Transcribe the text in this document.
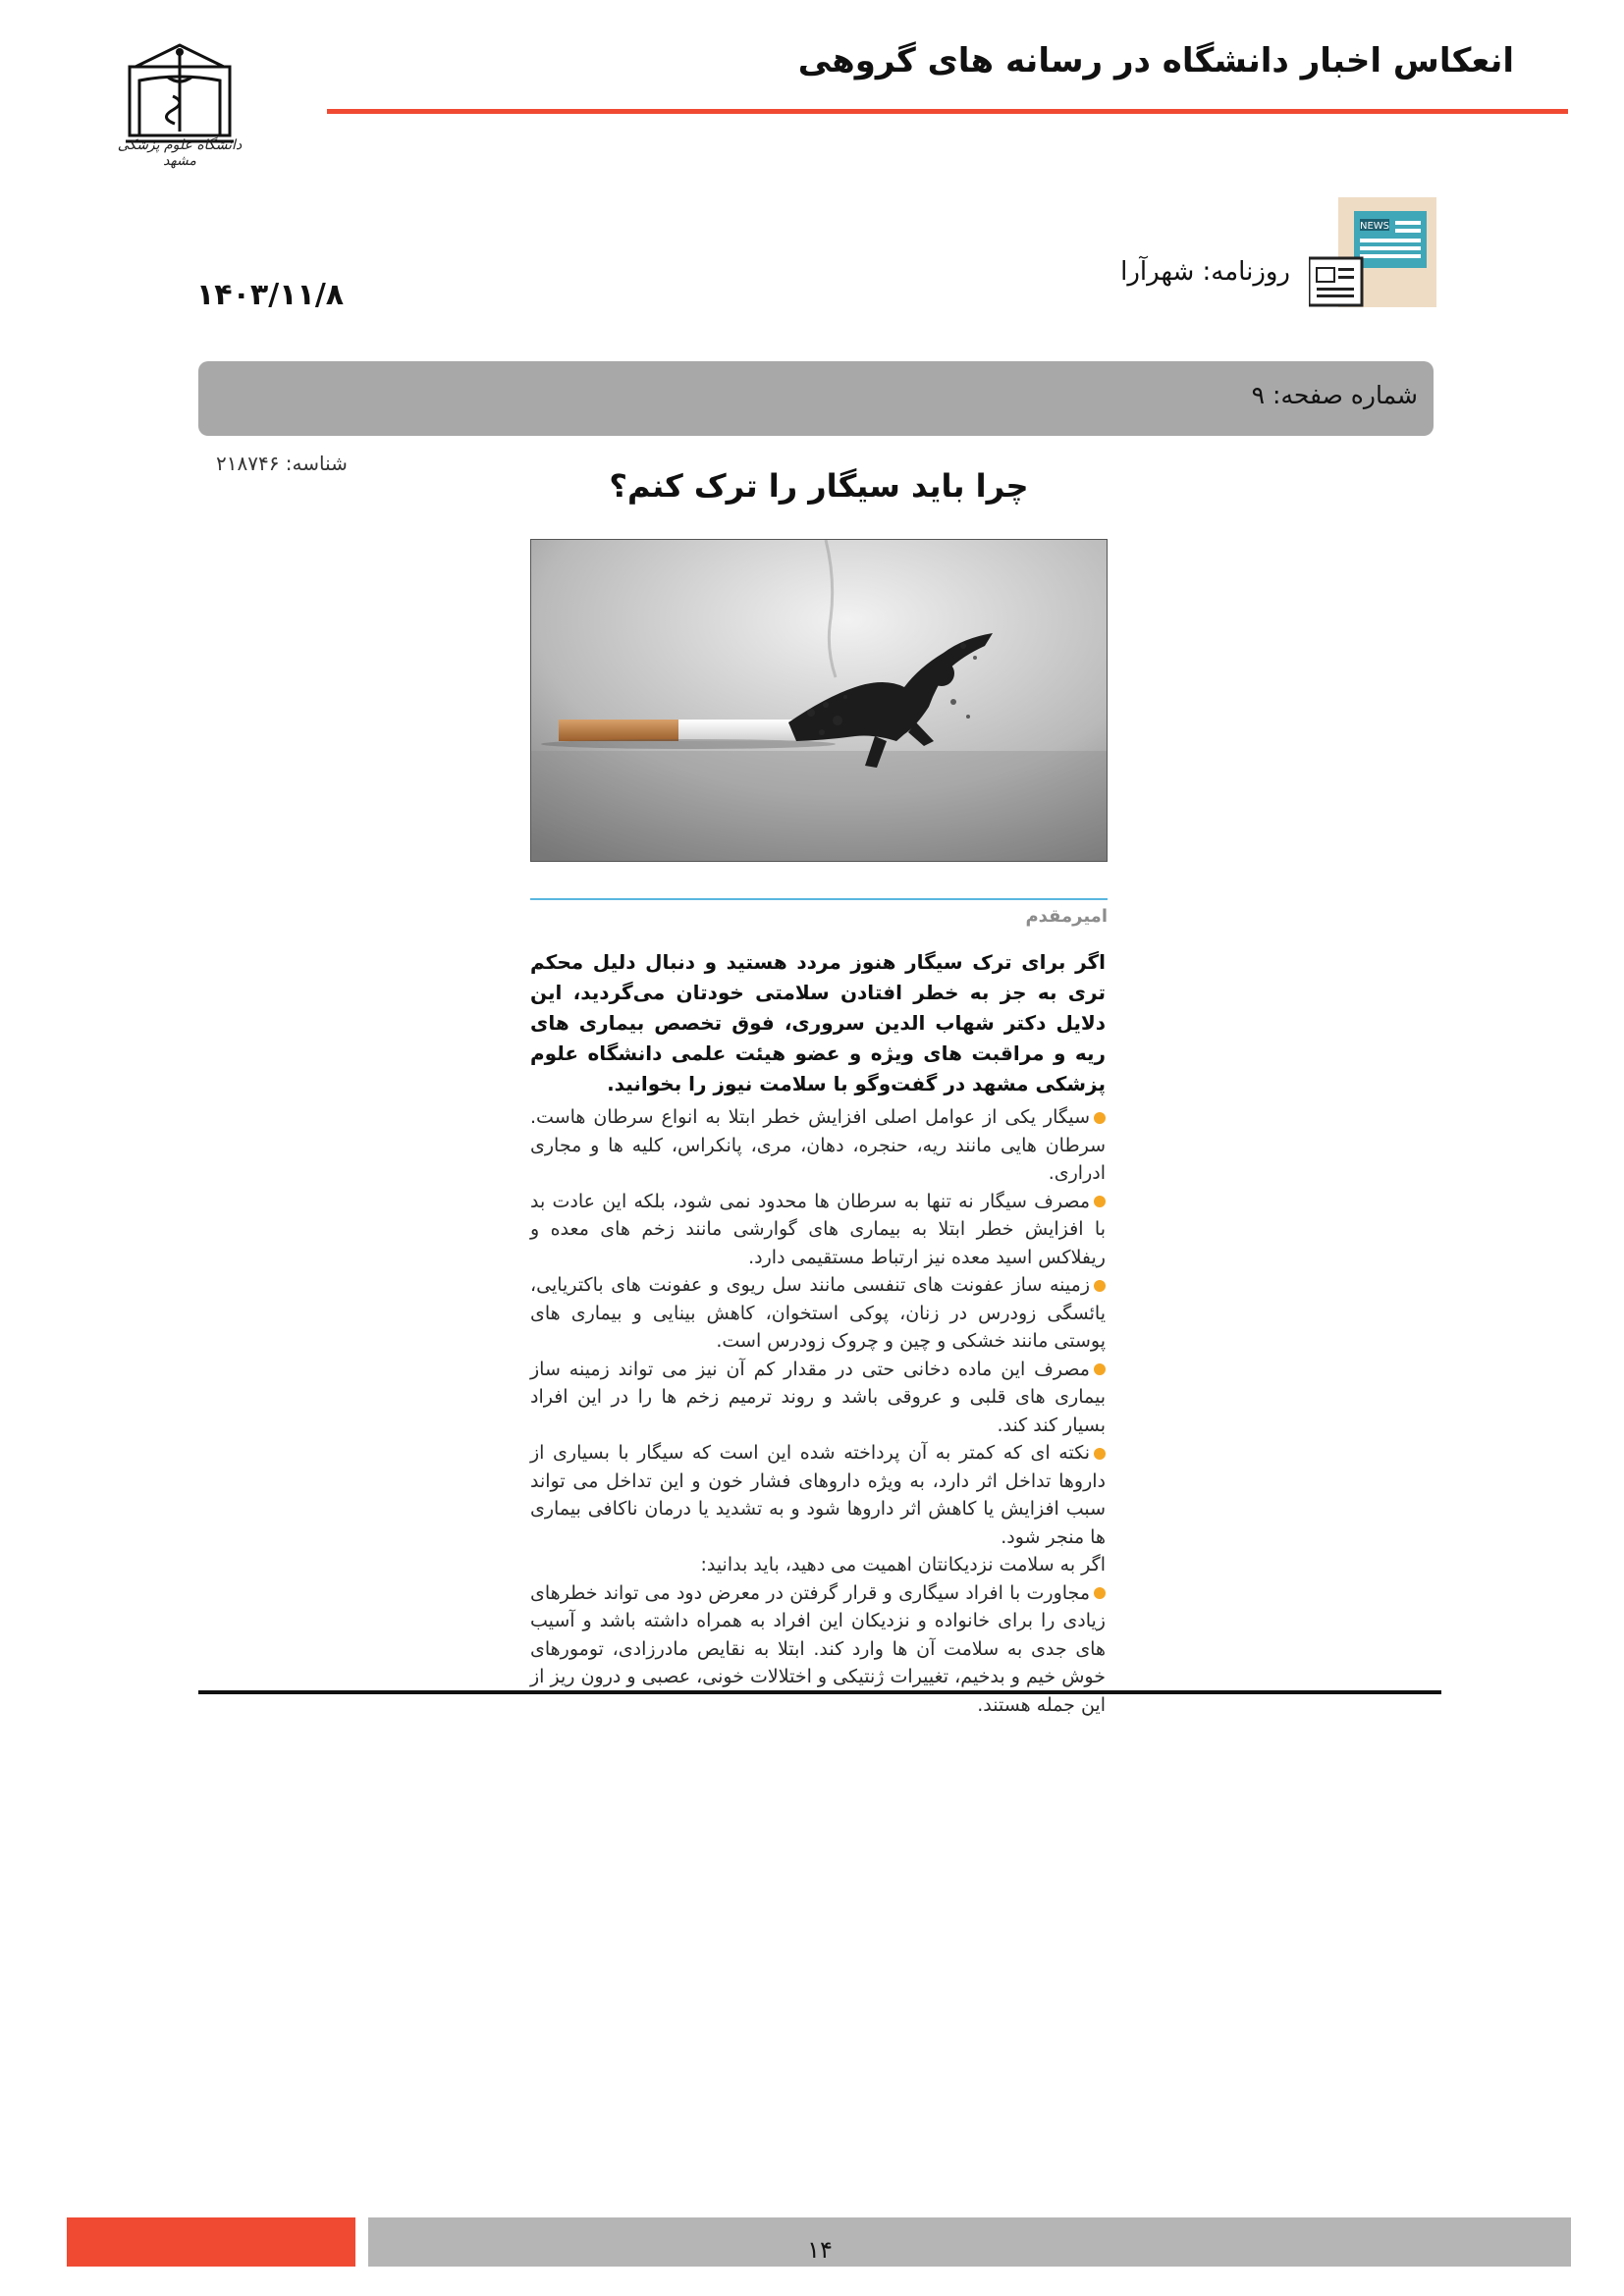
انعکاس اخبار دانشگاه در رسانه های گروهی
دانشگاه علوم پزشکی مشهد
NEWS
روزنامه: شهرآرا
۱۴۰۳/۱۱/۸
شماره صفحه: ۹
شناسه: ۲۱۸۷۴۶
چرا باید سیگار را ترک کنم؟
امیرمقدم

اگر برای ترک سیگار هنوز مردد هستید و دنبال دلیل محکم تری به جز به خطر افتادن سلامتی خودتان می‌گردید، این دلایل دکتر شهاب الدین سروری، فوق تخصص بیماری های ریه و مراقبت های ویژه و عضو هیئت علمی دانشگاه علوم پزشکی مشهد در گفت‌وگو با سلامت نیوز را بخوانید.

سیگار یکی از عوامل اصلی افزایش خطر ابتلا به انواع سرطان هاست. سرطان هایی مانند ریه، حنجره، دهان، مری، پانکراس، کلیه ها و مجاری ادراری.

مصرف سیگار نه تنها به سرطان ها محدود نمی شود، بلکه این عادت بد با افزایش خطر ابتلا به بیماری های گوارشی مانند زخم های معده و ریفلاکس اسید معده نیز ارتباط مستقیمی دارد.

زمینه ساز عفونت های تنفسی مانند سل ریوی و عفونت های باکتریایی، یائسگی زودرس در زنان، پوکی استخوان، کاهش بینایی و بیماری های پوستی مانند خشکی و چین و چروک زودرس است.

مصرف این ماده دخانی حتی در مقدار کم آن نیز می تواند زمینه ساز بیماری های قلبی و عروقی باشد و روند ترمیم زخم ها را در این افراد بسیار کند کند.

نکته ای که کمتر به آن پرداخته شده این است که سیگار با بسیاری از داروها تداخل اثر دارد، به ویژه داروهای فشار خون و این تداخل می تواند سبب افزایش یا کاهش اثر داروها شود و به تشدید یا درمان ناکافی بیماری ها منجر شود.

اگر به سلامت نزدیکانتان اهمیت می دهید، باید بدانید:

مجاورت با افراد سیگاری و قرار گرفتن در معرض دود می تواند خطرهای زیادی را برای خانواده و نزدیکان این افراد به همراه داشته باشد و آسیب های جدی به سلامت آن ها وارد کند. ابتلا به نقایص مادرزادی، تومورهای خوش خیم و بدخیم، تغییرات ژنتیکی و اختلالات خونی، عصبی و درون ریز از این جمله هستند.

۱۴
